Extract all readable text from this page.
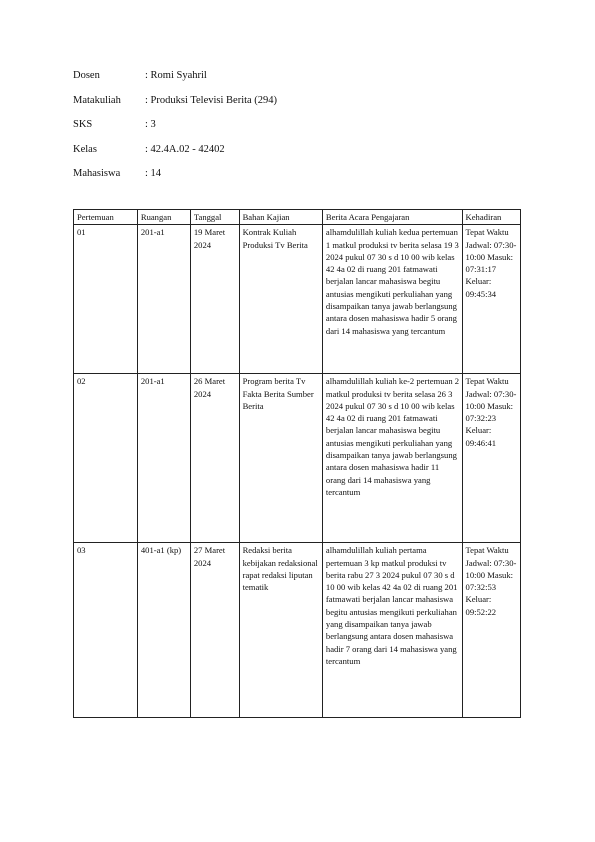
Dosen	: Romi Syahril
Matakuliah : Produksi Televisi Berita (294)
SKS	: 3
Kelas	: 42.4A.02 - 42402
Mahasiswa : 14
Pertemuan	Ruangan	Tanggal	Bahan Kajian	Berita Acara Pengajaran	Kehadiran
01	201-a1	19 Maret 2024	Kontrak Kuliah Produksi Tv Berita	alhamdulillah kuliah kedua pertemuan 1 matkul produksi tv berita selasa 19 3 2024 pukul 07 30 s d 10 00 wib kelas 42 4a 02 di ruang 201 fatmawati berjalan lancar mahasiswa begitu antusias mengikuti perkuliahan yang disampaikan tanya jawab berlangsung antara dosen mahasiswa hadir 5 orang dari 14 mahasiswa yang tercantum	Tepat Waktu Jadwal: 07:30-10:00 Masuk: 07:31:17 Keluar: 09:45:34
02	201-a1	26 Maret 2024	Program berita Tv Fakta Berita Sumber Berita	alhamdulillah kuliah ke-2 pertemuan 2 matkul produksi tv berita selasa 26 3 2024 pukul 07 30 s d 10 00 wib kelas 42 4a 02 di ruang 201 fatmawati berjalan lancar mahasiswa begitu antusias mengikuti perkuliahan yang disampaikan tanya jawab berlangsung antara dosen mahasiswa hadir 11 orang dari 14 mahasiswa yang tercantum	Tepat Waktu Jadwal: 07:30-10:00 Masuk: 07:32:23 Keluar: 09:46:41
03	401-a1 (kp)	27 Maret 2024	Redaksi berita kebijakan redaksional rapat redaksi liputan tematik	alhamdulillah kuliah pertama pertemuan 3 kp matkul produksi tv berita rabu 27 3 2024 pukul 07 30 s d 10 00 wib kelas 42 4a 02 di ruang 201 fatmawati berjalan lancar mahasiswa begitu antusias mengikuti perkuliahan yang disampaikan tanya jawab berlangsung antara dosen mahasiswa hadir 7 orang dari 14 mahasiswa yang tercantum	Tepat Waktu Jadwal: 07:30-10:00 Masuk: 07:32:53 Keluar: 09:52:22
